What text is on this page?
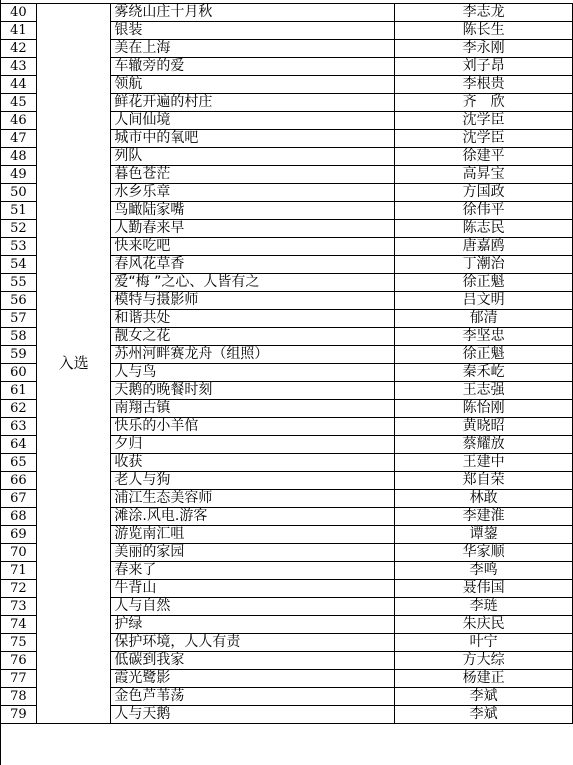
40	入选	雾绕山庄十月秋	李志龙
41		银装	陈长生
42		美在上海	李永刚
43		车辙旁的爱	刘子昂
44		领航	李根贵
45		鲜花开遍的村庄	齐　欣
46		人间仙境	沈学臣
47		城市中的氧吧	沈学臣
48		列队	徐建平
49		暮色苍茫	高昇宝
50		水乡乐章	方国政
51		鸟瞰陆家嘴	徐伟平
52		人勤春来早	陈志民
53		快来吃吧	唐嘉鸥
54		春风花草香	丁潮治
55		爱“梅 ”之心、人皆有之	徐正魁
56		模特与摄影师	吕文明
57		和谐共处	郁清
58		靓女之花	李坚忠
59		苏州河畔赛龙舟（组照）	徐正魁
60		人与鸟	秦禾屹
61		天鹅的晚餐时刻	王志强
62		南翔古镇	陈怡刚
63		快乐的小羊倌	黄晓昭
64		夕归	蔡耀放
65		收获	王建中
66		老人与狗	郑自荣
67		浦江生态美容师	林敢
68		滩涂.风电.游客	李建淮
69		游览南汇咀	谭鋆
70		美丽的家园	华家顺
71		春来了	李鸣
72		牛背山	聂伟国
73		人与自然	李琏
74		护绿	朱庆民
75		保护环境，人人有责	叶宁
76		低碳到我家	方大综
77		霞光鹭影	杨建正
78		金色芦苇荡	李斌
79		人与天鹅	李斌
